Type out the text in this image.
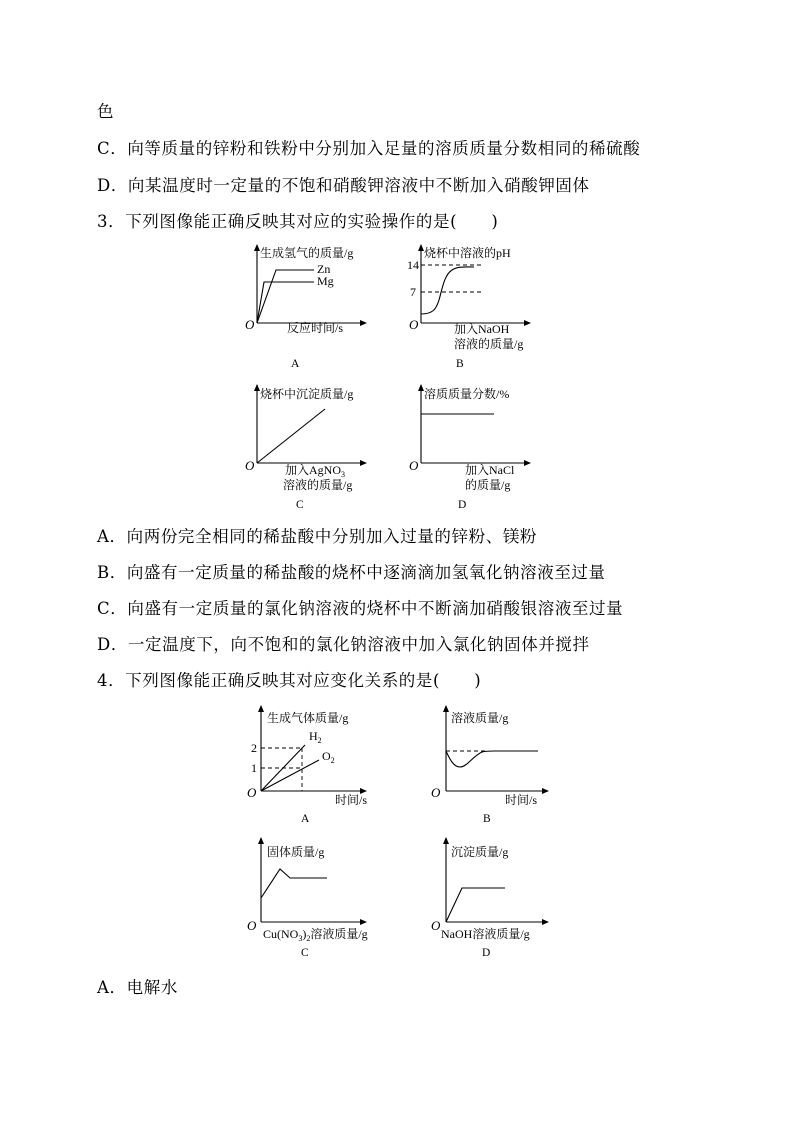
色
C．向等质量的锌粉和铁粉中分别加入足量的溶质质量分数相同的稀硫酸
D．向某温度时一定量的不饱和硝酸钾溶液中不断加入硝酸钾固体
3．下列图像能正确反映其对应的实验操作的是(　　)
A．向两份完全相同的稀盐酸中分别加入过量的锌粉、镁粉
B．向盛有一定质量的稀盐酸的烧杯中逐滴滴加氢氧化钠溶液至过量
C．向盛有一定质量的氯化钠溶液的烧杯中不断滴加硝酸银溶液至过量
D．一定温度下，向不饱和的氯化钠溶液中加入氯化钠固体并搅拌
4．下列图像能正确反映其对应变化关系的是(　　)
A．电解水
生成氢气的质量/g
O	反应时间/s
Zn
Mg
A
烧杯中溶液的pH
O
14
7
加入NaOH
溶液的质量/g
B
烧杯中沉淀质量/g
O	加入AgNO$_3$
溶液的质量/g
C
溶质质量分数/%
O	加入NaCl
的质量/g
D
生成气体质量/g
O
2
1
$H_2$
$O_2$
时间/s
A
溶液质量/g
O	时间/s
B
固体质量/g
O
$Cu(NO_3)_2$溶液质量/g
C
沉淀质量/g
O
NaOH溶液质量/g
D
